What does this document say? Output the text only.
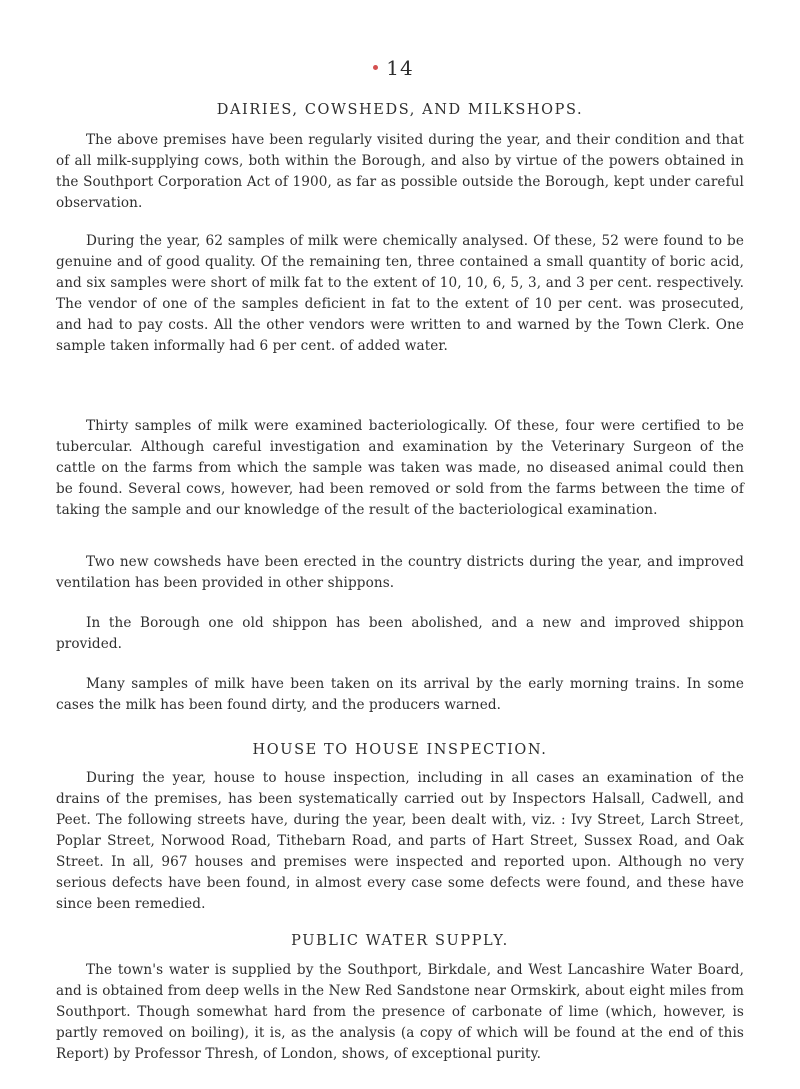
14
DAIRIES, COWSHEDS, AND MILKSHOPS.

The above premises have been regularly visited during the year, and their condition and that of all milk-supplying cows, both within the Borough, and also by virtue of the powers obtained in the Southport Corporation Act of 1900, as far as possible outside the Borough, kept under careful observation.

During the year, 62 samples of milk were chemically analysed. Of these, 52 were found to be genuine and of good quality. Of the remaining ten, three contained a small quantity of boric acid, and six samples were short of milk fat to the extent of 10, 10, 6, 5, 3, and 3 per cent. respectively. The vendor of one of the samples deficient in fat to the extent of 10 per cent. was prosecuted, and had to pay costs. All the other vendors were written to and warned by the Town Clerk. One sample taken informally had 6 per cent. of added water.

Thirty samples of milk were examined bacteriologically. Of these, four were certified to be tubercular. Although careful investigation and examination by the Veterinary Surgeon of the cattle on the farms from which the sample was taken was made, no diseased animal could then be found. Several cows, however, had been removed or sold from the farms between the time of taking the sample and our knowledge of the result of the bacteriological examination.

Two new cowsheds have been erected in the country districts during the year, and improved ventilation has been provided in other shippons.

In the Borough one old shippon has been abolished, and a new and improved shippon provided.

Many samples of milk have been taken on its arrival by the early morning trains. In some cases the milk has been found dirty, and the producers warned.

HOUSE TO HOUSE INSPECTION.

During the year, house to house inspection, including in all cases an examination of the drains of the premises, has been systematically carried out by Inspectors Halsall, Cadwell, and Peet. The following streets have, during the year, been dealt with, viz. : Ivy Street, Larch Street, Poplar Street, Norwood Road, Tithebarn Road, and parts of Hart Street, Sussex Road, and Oak Street. In all, 967 houses and premises were inspected and reported upon. Although no very serious defects have been found, in almost every case some defects were found, and these have since been remedied.

PUBLIC WATER SUPPLY.

The town's water is supplied by the Southport, Birkdale, and West Lancashire Water Board, and is obtained from deep wells in the New Red Sandstone near Ormskirk, about eight miles from Southport. Though somewhat hard from the presence of carbonate of lime (which, however, is partly removed on boiling), it is, as the analysis (a copy of which will be found at the end of this Report) by Professor Thresh, of London, shows, of exceptional purity.
